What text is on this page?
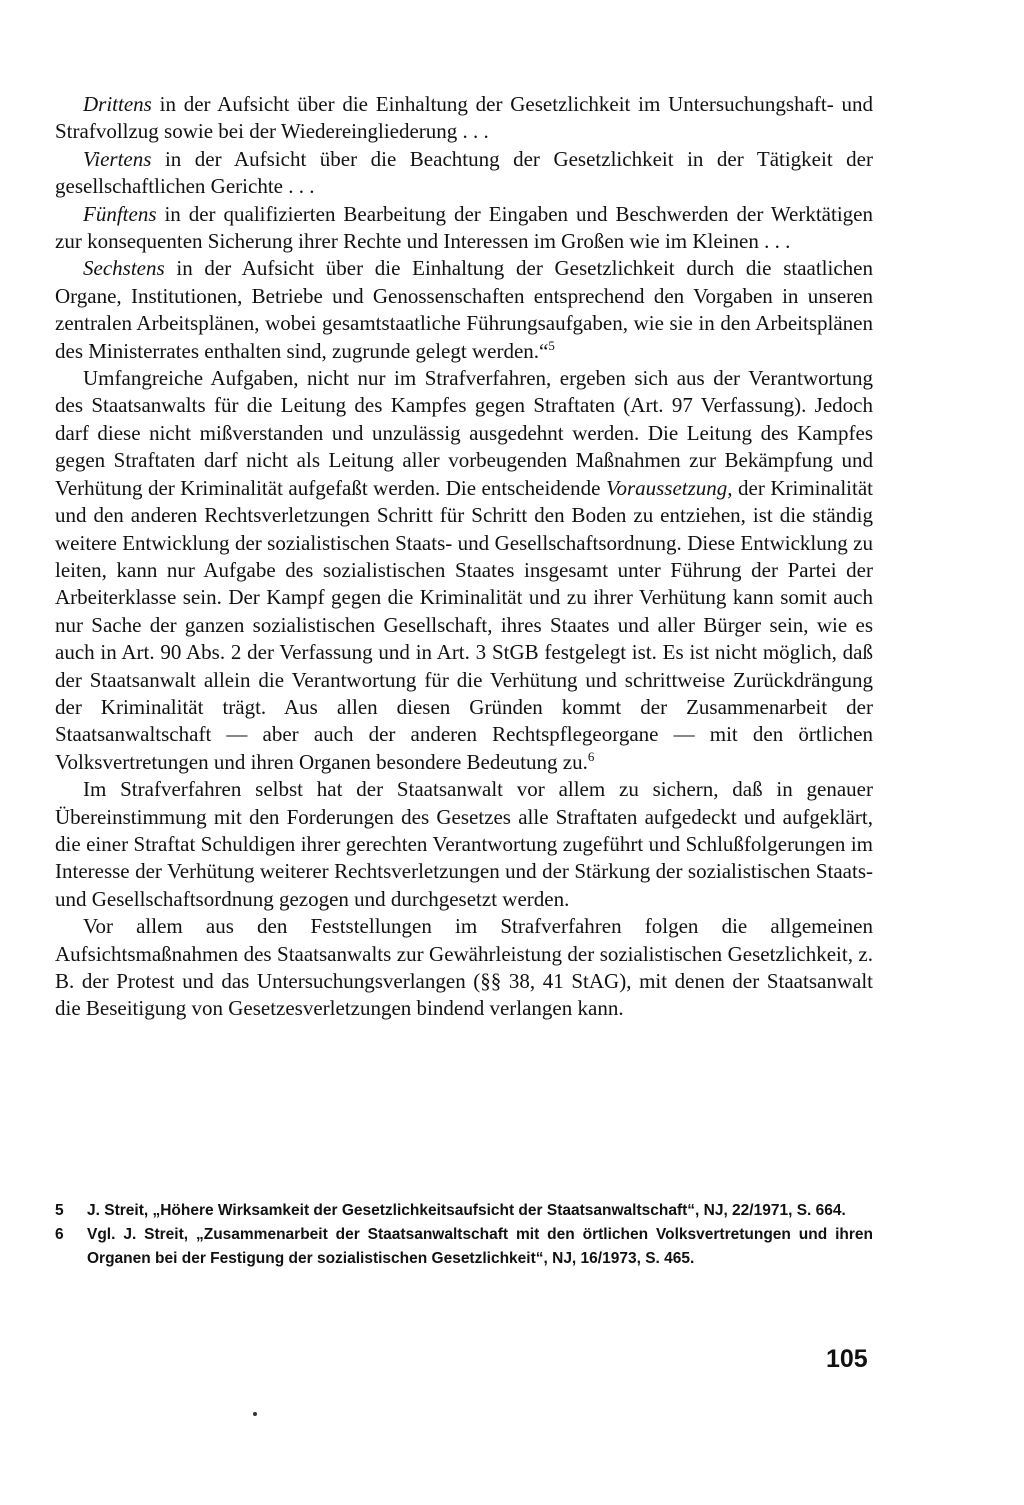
Drittens in der Aufsicht über die Einhaltung der Gesetzlichkeit im Untersuchungshaft- und Strafvollzug sowie bei der Wiedereingliederung . . .

Viertens in der Aufsicht über die Beachtung der Gesetzlichkeit in der Tätigkeit der gesellschaftlichen Gerichte . . .

Fünftens in der qualifizierten Bearbeitung der Eingaben und Beschwerden der Werktätigen zur konsequenten Sicherung ihrer Rechte und Interessen im Großen wie im Kleinen . . .

Sechstens in der Aufsicht über die Einhaltung der Gesetzlichkeit durch die staatlichen Organe, Institutionen, Betriebe und Genossenschaften entsprechend den Vorgaben in unseren zentralen Arbeitsplänen, wobei gesamtstaatliche Führungsaufgaben, wie sie in den Arbeitsplänen des Ministerrates enthalten sind, zugrunde gelegt werden.“$^5$

Umfangreiche Aufgaben, nicht nur im Strafverfahren, ergeben sich aus der Verantwortung des Staatsanwalts für die Leitung des Kampfes gegen Straftaten (Art. 97 Verfassung). Jedoch darf diese nicht mißverstanden und unzulässig ausgedehnt werden. Die Leitung des Kampfes gegen Straftaten darf nicht als Leitung aller vorbeugenden Maßnahmen zur Bekämpfung und Verhütung der Kriminalität aufgefaßt werden. Die entscheidende Voraussetzung, der Kriminalität und den anderen Rechtsverletzungen Schritt für Schritt den Boden zu entziehen, ist die ständig weitere Entwicklung der sozialistischen Staats- und Gesellschaftsordnung. Diese Entwicklung zu leiten, kann nur Aufgabe des sozialistischen Staates insgesamt unter Führung der Partei der Arbeiterklasse sein. Der Kampf gegen die Kriminalität und zu ihrer Verhütung kann somit auch nur Sache der ganzen sozialistischen Gesellschaft, ihres Staates und aller Bürger sein, wie es auch in Art. 90 Abs. 2 der Verfassung und in Art. 3 StGB festgelegt ist. Es ist nicht möglich, daß der Staatsanwalt allein die Verantwortung für die Verhütung und schrittweise Zurückdrängung der Kriminalität trägt. Aus allen diesen Gründen kommt der Zusammenarbeit der Staatsanwaltschaft — aber auch der anderen Rechtspflegeorgane — mit den örtlichen Volksvertretungen und ihren Organen besondere Bedeutung zu.$^6$

Im Strafverfahren selbst hat der Staatsanwalt vor allem zu sichern, daß in genauer Übereinstimmung mit den Forderungen des Gesetzes alle Straftaten aufgedeckt und aufgeklärt, die einer Straftat Schuldigen ihrer gerechten Verantwortung zugeführt und Schlußfolgerungen im Interesse der Verhütung weiterer Rechtsverletzungen und der Stärkung der sozialistischen Staats- und Gesellschaftsordnung gezogen und durchgesetzt werden.

Vor allem aus den Feststellungen im Strafverfahren folgen die allgemeinen Aufsichtsmaßnahmen des Staatsanwalts zur Gewährleistung der sozialistischen Gesetzlichkeit, z. B. der Protest und das Untersuchungsverlangen (§§ 38, 41 StAG), mit denen der Staatsanwalt die Beseitigung von Gesetzesverletzungen bindend verlangen kann.

5	J. Streit, „Höhere Wirksamkeit der Gesetzlichkeitsaufsicht der Staatsanwaltschaft“, NJ, 22/1971, S. 664.

6	Vgl. J. Streit, „Zusammenarbeit der Staatsanwaltschaft mit den örtlichen Volksvertretungen und ihren Organen bei der Festigung der sozialistischen Gesetzlichkeit“, NJ, 16/1973, S. 465.

105
